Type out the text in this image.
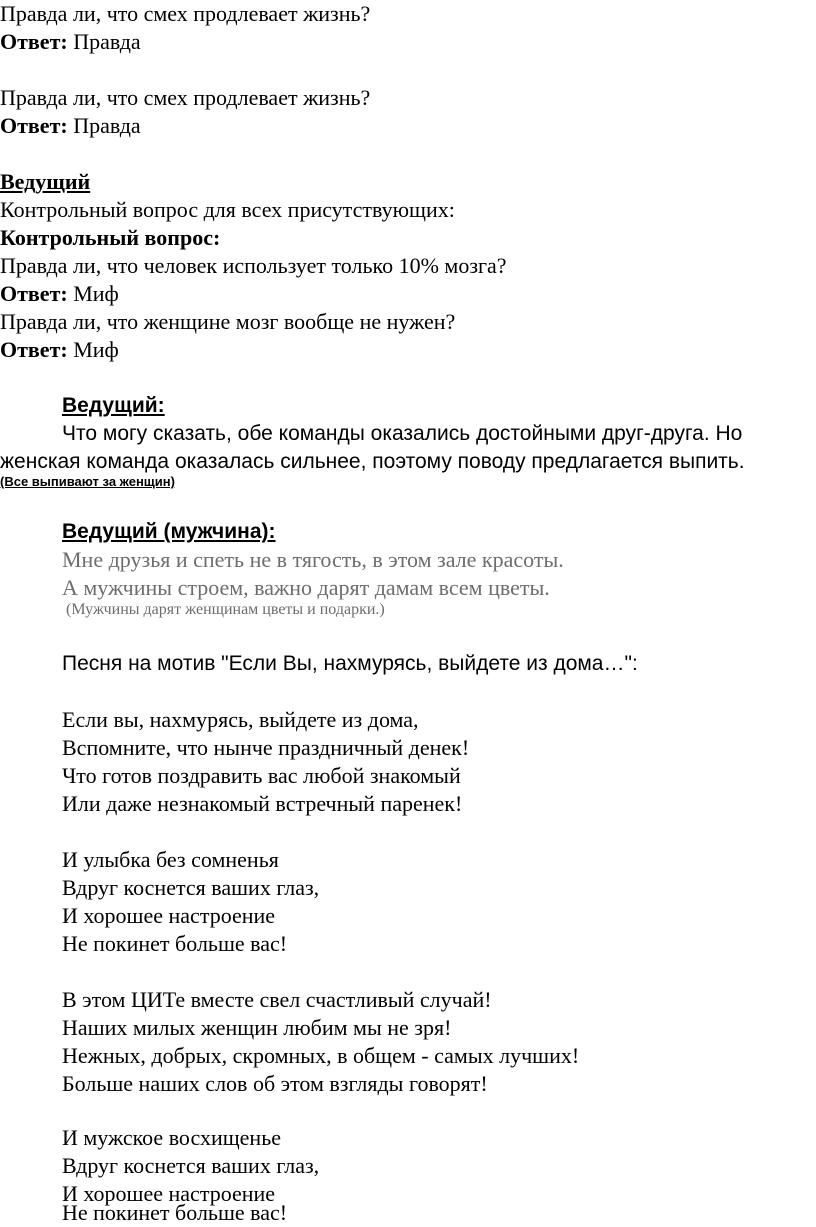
Правда ли, что смех продлевает жизнь?

Ответ: Правда

Правда ли, что смех продлевает жизнь?

Ответ: Правда

Ведущий

Контрольный вопрос для всех присутствующих:

Контрольный вопрос:

Правда ли, что человек использует только 10% мозга?

Ответ: Миф

Правда ли, что женщине мозг вообще не нужен?

Ответ: Миф

Ведущий:

Что могу сказать, обе команды оказались достойными друг-друга. Но

женская команда оказалась сильнее, поэтому поводу предлагается выпить.

(Все выпивают за женщин)

Ведущий (мужчина):

Мне друзья и спеть не в тягость, в этом зале красоты.

А мужчины строем, важно дарят дамам всем цветы.

(Мужчины дарят женщинам цветы и подарки.)

Песня на мотив "Если Вы, нахмурясь, выйдете из дома…":

Если вы, нахмурясь, выйдете из дома,

Вспомните, что нынче праздничный денек!

Что готов поздравить вас любой знакомый

Или даже незнакомый встречный паренек!

И улыбка без сомненья

Вдруг коснется ваших глаз,

И хорошее настроение

Не покинет больше вас!

В этом ЦИТе вместе свел счастливый случай!

Наших милых женщин любим мы не зря!

Нежных, добрых, скромных, в общем - самых лучших!

Больше наших слов об этом взгляды говорят!

И мужское восхищенье

Вдруг коснется ваших глаз,

И хорошее настроение

Не покинет больше вас!
